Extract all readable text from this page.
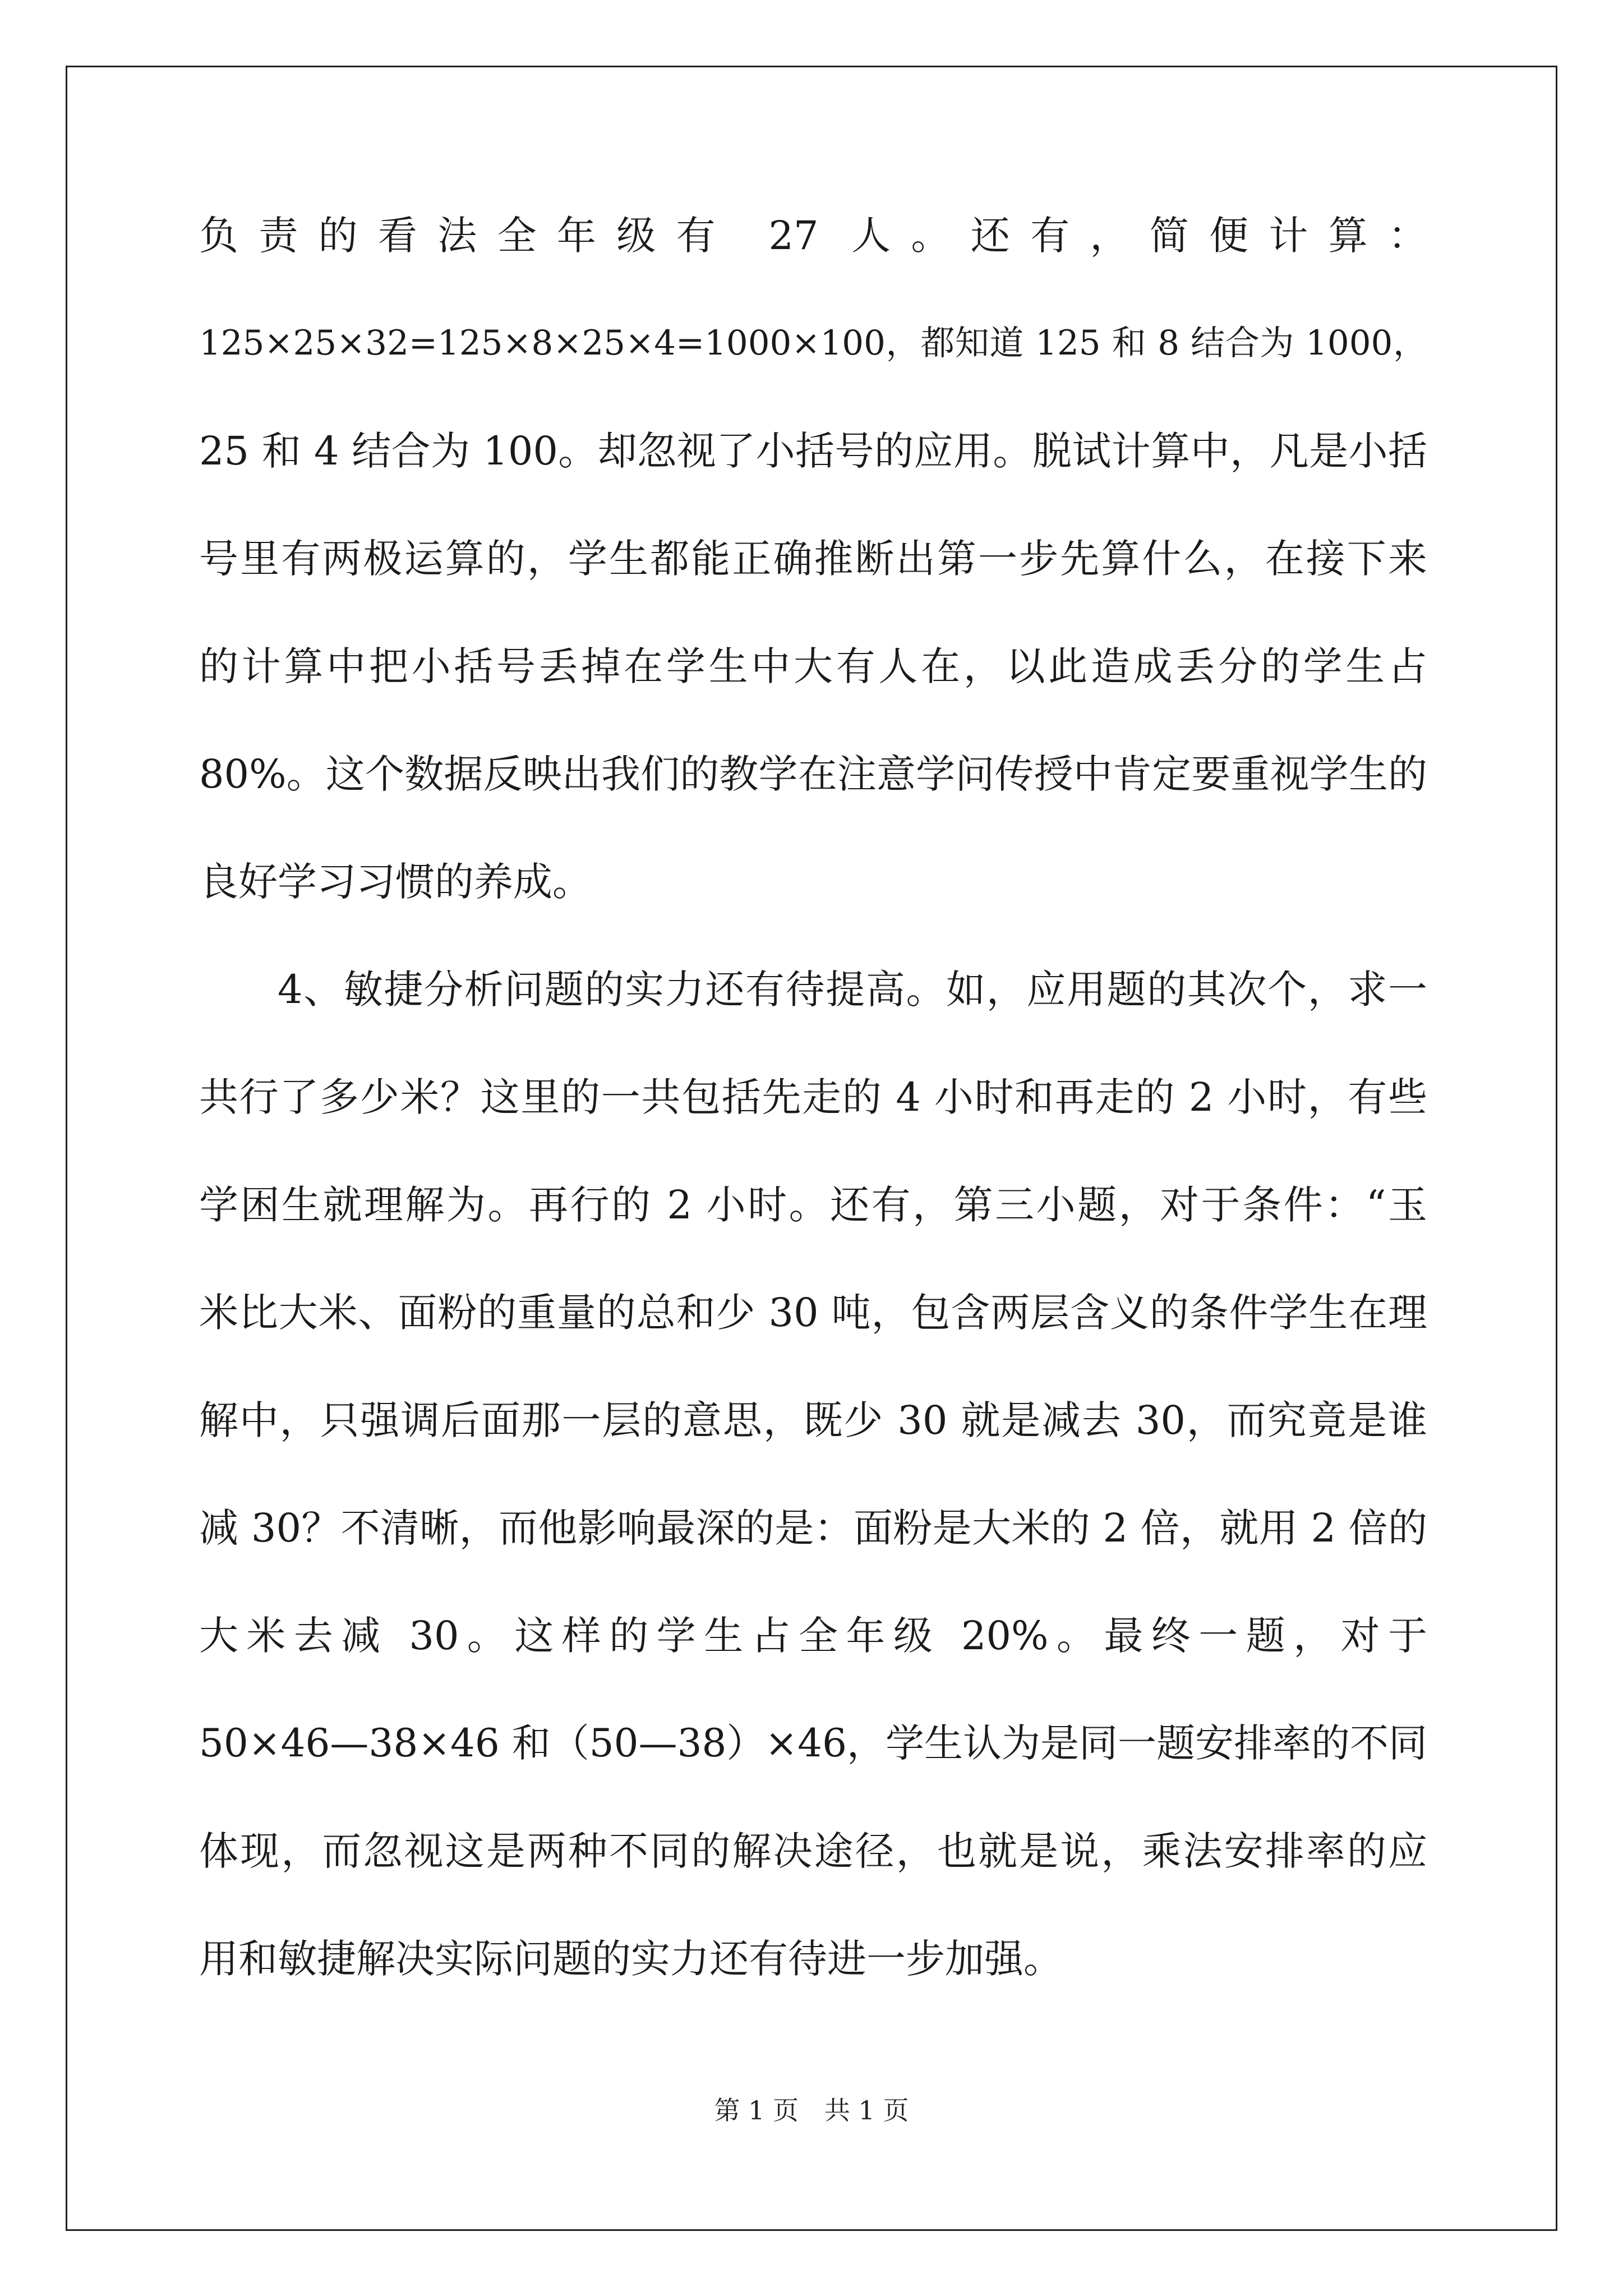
负责的看法全年级有 27 人。还有，简便计算：
125×25×32=125×8×25×4=1000×100，都知道 125 和 8 结合为 1000，
25 和 4 结合为 100。却忽视了小括号的应用。脱试计算中，凡是小括
号里有两极运算的，学生都能正确推断出第一步先算什么，在接下来
的计算中把小括号丢掉在学生中大有人在，以此造成丢分的学生占
80%。这个数据反映出我们的教学在注意学问传授中肯定要重视学生的
良好学习习惯的养成。
4、敏捷分析问题的实力还有待提高。如，应用题的其次个，求一
共行了多少米？这里的一共包括先走的 4 小时和再走的 2 小时，有些
学困生就理解为。再行的 2 小时。还有，第三小题，对于条件：“玉
米比大米、面粉的重量的总和少 30 吨，包含两层含义的条件学生在理
解中，只强调后面那一层的意思，既少 30 就是减去 30，而究竟是谁
减 30？不清晰，而他影响最深的是：面粉是大米的 2 倍，就用 2 倍的
大米去减 30。这样的学生占全年级 20%。最终一题，对于
50×46—38×46 和（50—38）×46，学生认为是同一题安排率的不同
体现，而忽视这是两种不同的解决途径，也就是说，乘法安排率的应
用和敏捷解决实际问题的实力还有待进一步加强。
第 1 页　共 1 页
